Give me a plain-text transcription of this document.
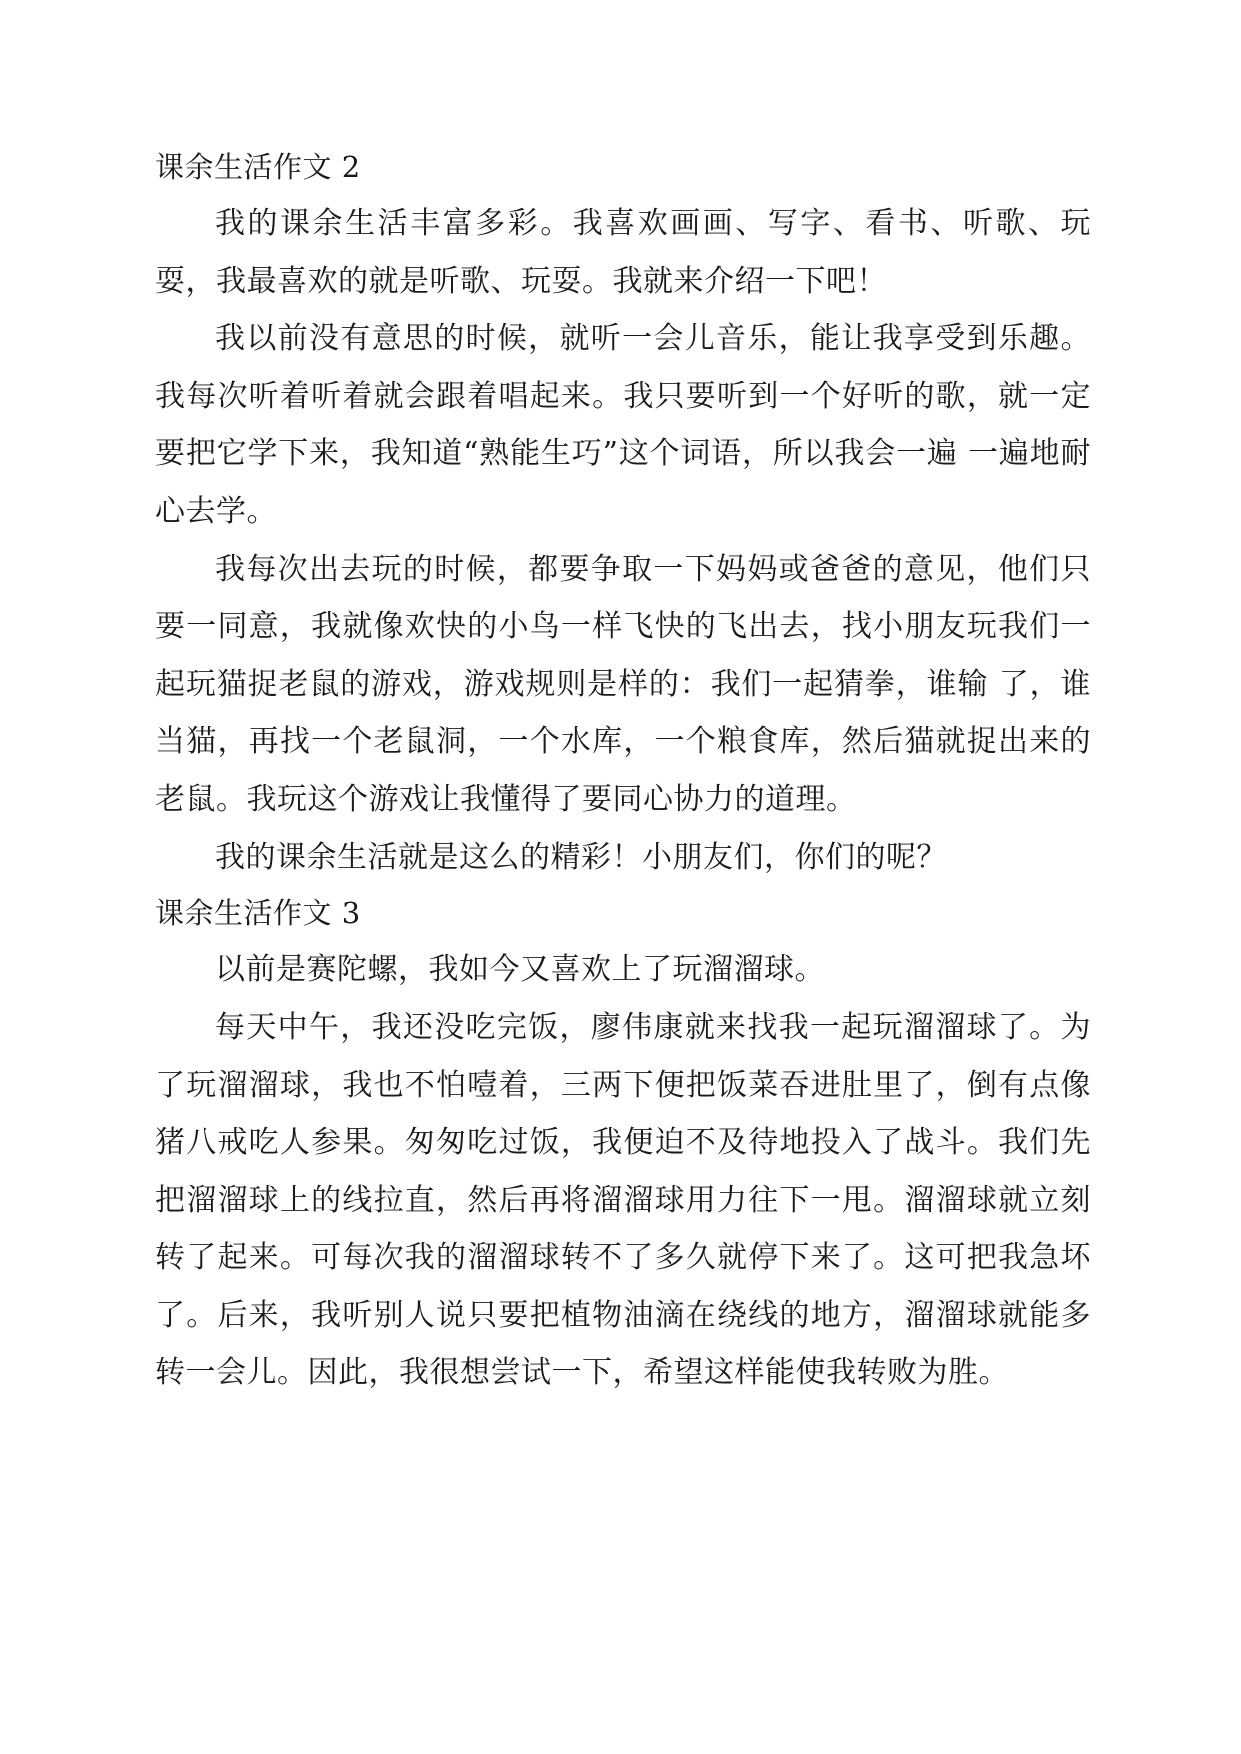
课余生活作文 2

我的课余生活丰富多彩。我喜欢画画、写字、看书、听歌、玩耍，我最喜欢的就是听歌、玩耍。我就来介绍一下吧！

我以前没有意思的时候，就听一会儿音乐，能让我享受到乐趣。我每次听着听着就会跟着唱起来。我只要听到一个好听的歌，就一定要把它学下来，我知道“熟能生巧”这个词语，所以我会一遍 一遍地耐心去学。

我每次出去玩的时候，都要争取一下妈妈或爸爸的意见，他们只要一同意，我就像欢快的小鸟一样飞快的飞出去，找小朋友玩我们一起玩猫捉老鼠的游戏，游戏规则是样的：我们一起猜拳，谁输 了，谁当猫，再找一个老鼠洞，一个水库，一个粮食库，然后猫就捉出来的老鼠。我玩这个游戏让我懂得了要同心协力的道理。

我的课余生活就是这么的精彩！小朋友们，你们的呢？

课余生活作文 3

以前是赛陀螺，我如今又喜欢上了玩溜溜球。

每天中午，我还没吃完饭，廖伟康就来找我一起玩溜溜球了。为了玩溜溜球，我也不怕噎着，三两下便把饭菜吞进肚里了，倒有点像猪八戒吃人参果。匆匆吃过饭，我便迫不及待地投入了战斗。我们先把溜溜球上的线拉直，然后再将溜溜球用力往下一甩。溜溜球就立刻转了起来。可每次我的溜溜球转不了多久就停下来了。这可把我急坏了。后来，我听别人说只要把植物油滴在绕线的地方，溜溜球就能多转一会儿。因此，我很想尝试一下，希望这样能使我转败为胜。
